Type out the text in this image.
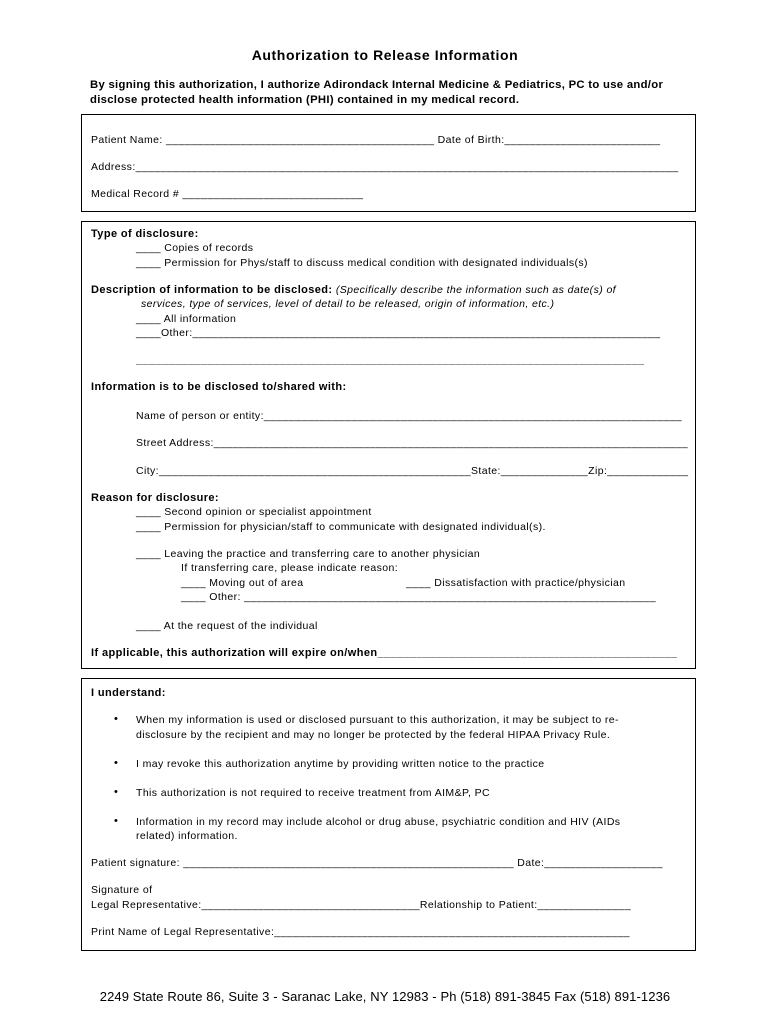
Authorization to Release Information
By signing this authorization, I authorize Adirondack Internal Medicine & Pediatrics, PC to use and/or disclose protected health information (PHI) contained in my medical record.
Patient Name: ___________________________________________ Date of Birth:_________________________
Address:_______________________________________________________________________________________
Medical Record # _____________________________
Type of disclosure:
____ Copies of records
____ Permission for Phys/staff to discuss medical condition with designated individuals(s)
Description of information to be disclosed: (Specifically describe the information such as date(s) of
services, type of services, level of detail to be released, origin of information, etc.)
____ All information
____Other:___________________________________________________________________________
______________________________________________________________________________
Information is to be disclosed to/shared with:
Name of person or entity:___________________________________________________________________
Street Address:____________________________________________________________________________
City:__________________________________________________State:______________Zip:_____________
Reason for disclosure:
____ Second opinion or specialist appointment
____ Permission for physician/staff to communicate with designated individual(s).
____ Leaving the practice and transferring care to another physician
If transferring care, please indicate reason:
____ Moving out of area	____ Dissatisfaction with practice/physician
____ Other: __________________________________________________________________
____ At the request of the individual
If applicable, this authorization will expire on/when______________________________________________
I understand:
• When my information is used or disclosed pursuant to this authorization, it may be subject to re-
disclosure by the recipient and may no longer be protected by the federal HIPAA Privacy Rule.
• I may revoke this authorization anytime by providing written notice to the practice
• This authorization is not required to receive treatment from AIM&P, PC
• Information in my record may include alcohol or drug abuse, psychiatric condition and HIV (AIDs
related) information.
Patient signature: _____________________________________________________ Date:___________________
Signature of
Legal Representative:___________________________________Relationship to Patient:_______________
Print Name of Legal Representative:_________________________________________________________
2249 State Route 86, Suite 3 - Saranac Lake, NY 12983 - Ph (518) 891-3845 Fax (518) 891-1236
